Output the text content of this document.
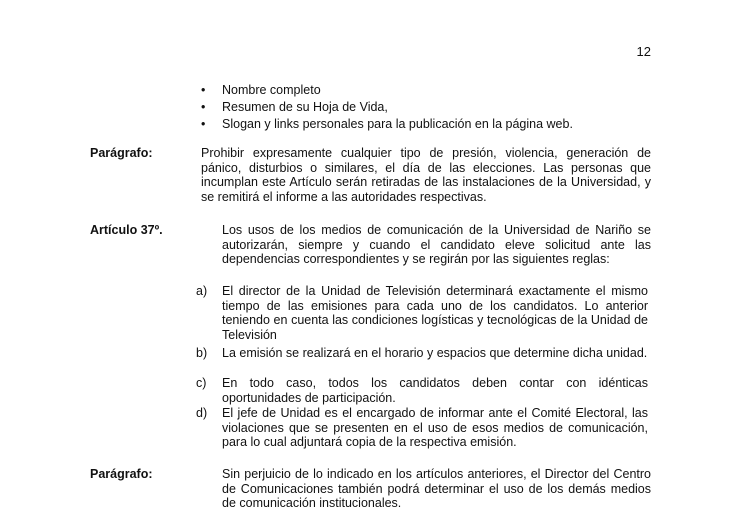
12
• Nombre completo
• Resumen de su Hoja de Vida,
• Slogan y links personales para la publicación en la página web.
Parágrafo:	Prohibir expresamente cualquier tipo de presión, violencia, generación de pánico, disturbios o similares, el día de las elecciones. Las personas que incumplan este Artículo serán retiradas de las instalaciones de la Universidad, y se remitirá el informe a las autoridades respectivas.
Artículo 37º.	Los usos de los medios de comunicación de la Universidad de Nariño se autorizarán, siempre y cuando el candidato eleve solicitud ante las dependencias correspondientes y se regirán por las siguientes reglas:
a) El director de la Unidad de Televisión determinará exactamente el mismo tiempo de las emisiones para cada uno de los candidatos. Lo anterior teniendo en cuenta las condiciones logísticas y tecnológicas de la Unidad de Televisión
b) La emisión se realizará en el horario y espacios que determine dicha unidad.
c) En todo caso, todos los candidatos deben contar con idénticas oportunidades de participación.
d) El jefe de Unidad es el encargado de informar ante el Comité Electoral, las violaciones que se presenten en el uso de esos medios de comunicación, para lo cual adjuntará copia de la respectiva emisión.
Parágrafo:	Sin perjuicio de lo indicado en los artículos anteriores, el Director del Centro de Comunicaciones también podrá determinar el uso de los demás medios de comunicación institucionales.
